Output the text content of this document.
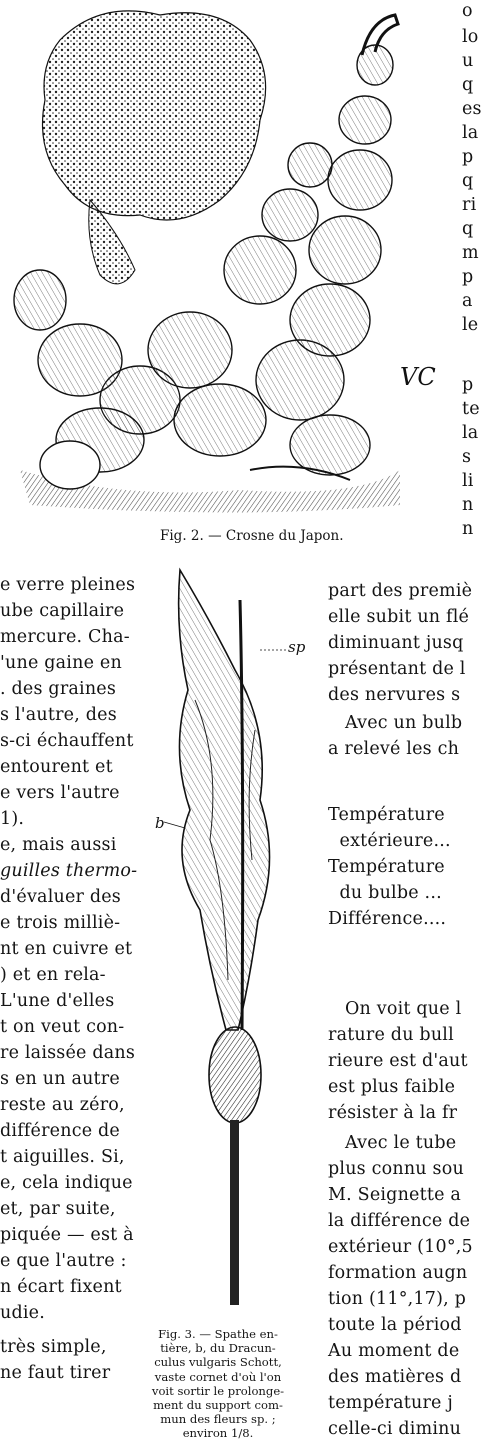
VC
o
lo
u
q
es
la
p
q
ri
q
m
p
a
le
p
te
la
s
li
n
n
Fig. 2. — Crosne du Japon.
e verre pleines
ube capillaire
mercure. Cha-
'une gaine en
. des graines
s l'autre, des
s-ci échauffent
entourent et
e vers l'autre
1).
e, mais aussi
guilles thermo-
d'évaluer des
e trois milliè-
nt en cuivre et
) et en rela-
L'une d'elles
t on veut con-
re laissée dans
s en un autre
reste au zéro,
différence de
t aiguilles. Si,
e, cela indique
et, par suite,
piquée — est à
e que l'autre :
n écart fixent
udie.
très simple,
ne faut tirer
sp
b

Fig. 3. — Spathe en-

tière, b, du Dracun-

culus vulgaris Schott,

vaste cornet d'où l'on

voit sortir le prolonge-

ment du support com-

mun des fleurs sp. ;

environ 1/8.

part des premiè
elle subit un flé
diminuant jusq
présentant de l
des nervures s
Avec un bulb
a relevé les ch
Température
extérieure...
Température
du bulbe ...
Différence....
On voit que l
rature du bull
rieure est d'aut
est plus faible
résister à la fr
Avec le tube
plus connu sou
M. Seignette a
la différence de
extérieur (10°,5
formation augn
tion (11°,17), p
toute la périod
Au moment de
des matières d
température j
celle-ci diminu
